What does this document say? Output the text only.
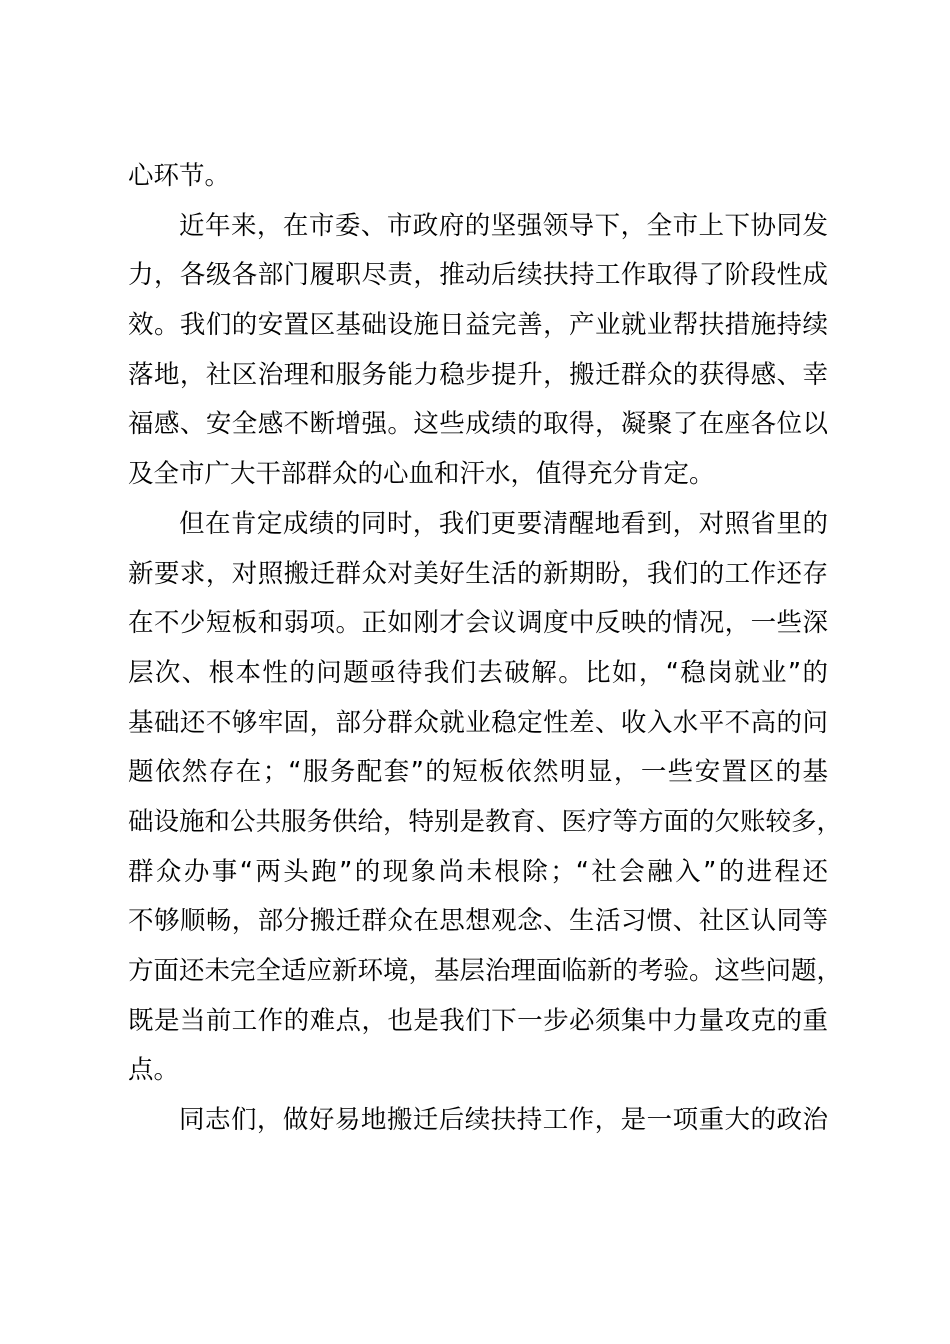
心环节。
近年来，在市委、市政府的坚强领导下，全市上下协同发
力，各级各部门履职尽责，推动后续扶持工作取得了阶段性成
效。我们的安置区基础设施日益完善，产业就业帮扶措施持续
落地，社区治理和服务能力稳步提升，搬迁群众的获得感、幸
福感、安全感不断增强。这些成绩的取得，凝聚了在座各位以
及全市广大干部群众的心血和汗水，值得充分肯定。
但在肯定成绩的同时，我们更要清醒地看到，对照省里的
新要求，对照搬迁群众对美好生活的新期盼，我们的工作还存
在不少短板和弱项。正如刚才会议调度中反映的情况，一些深
层次、根本性的问题亟待我们去破解。比如，“稳岗就业”的
基础还不够牢固，部分群众就业稳定性差、收入水平不高的问
题依然存在；“服务配套”的短板依然明显，一些安置区的基
础设施和公共服务供给，特别是教育、医疗等方面的欠账较多，
群众办事“两头跑”的现象尚未根除；“社会融入”的进程还
不够顺畅，部分搬迁群众在思想观念、生活习惯、社区认同等
方面还未完全适应新环境，基层治理面临新的考验。这些问题，
既是当前工作的难点，也是我们下一步必须集中力量攻克的重
点。
同志们，做好易地搬迁后续扶持工作，是一项重大的政治
